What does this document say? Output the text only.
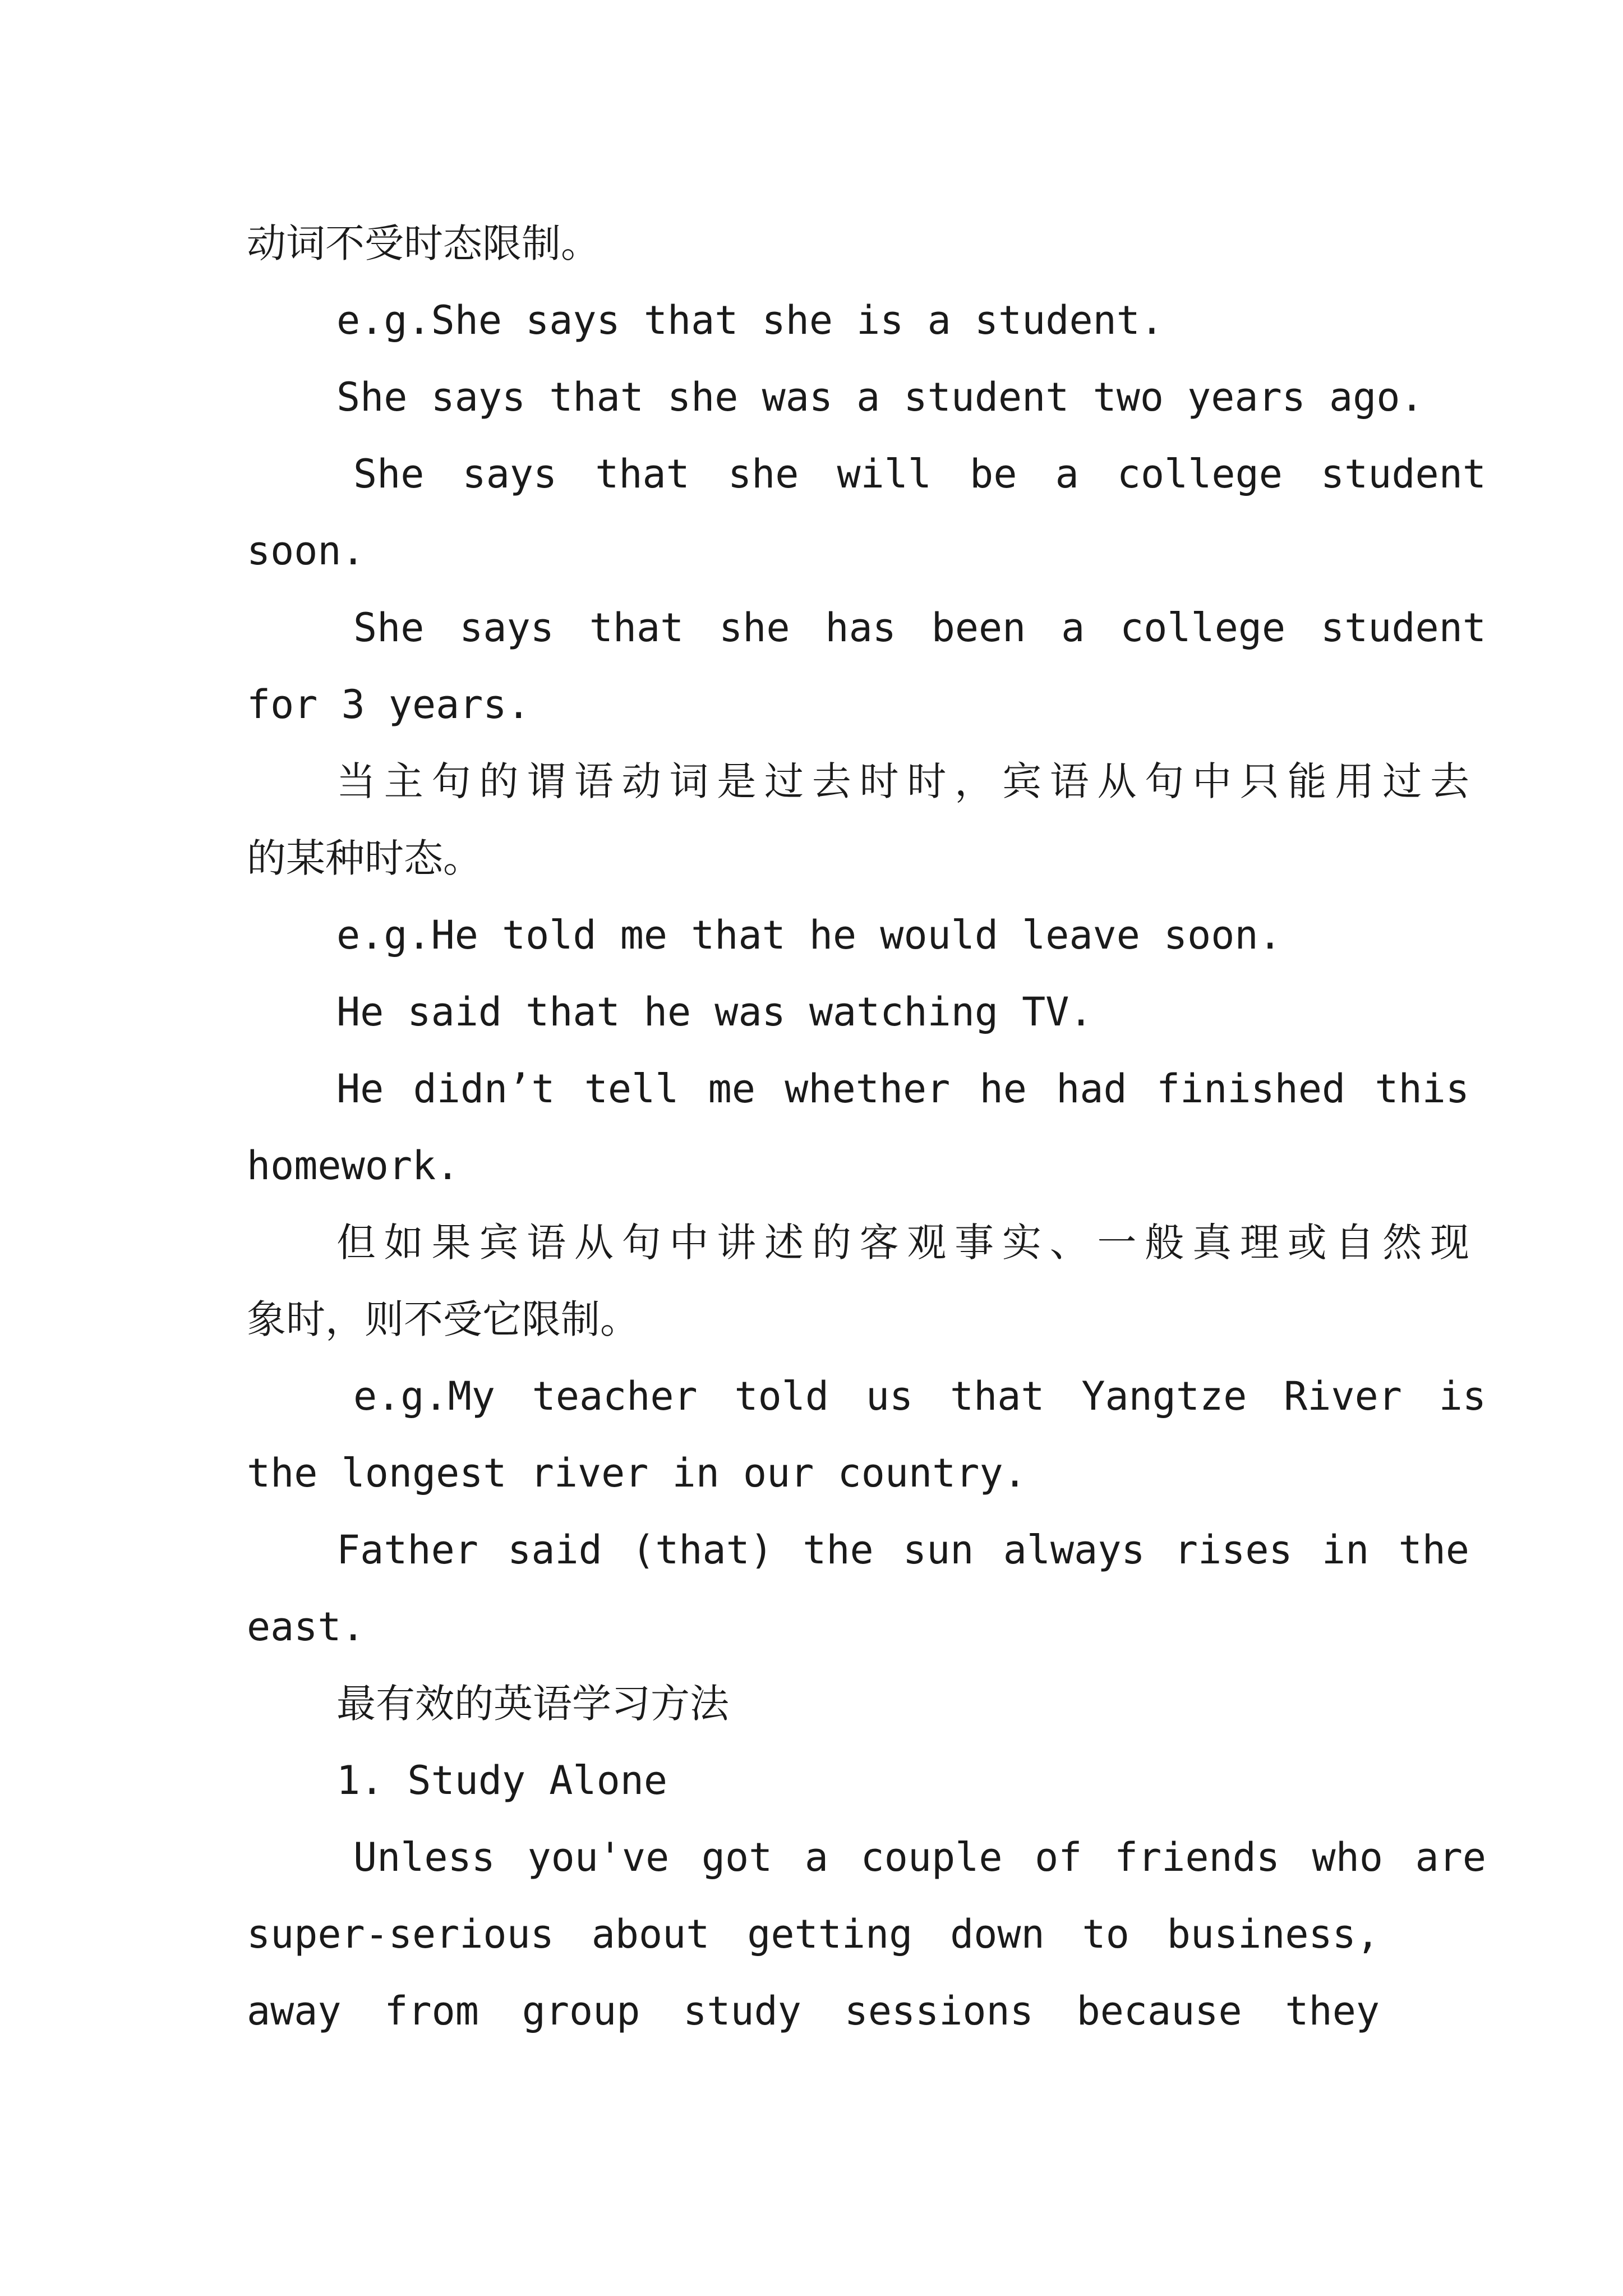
动词不受时态限制。
e.g.She says that she is a student.
She says that she was a student two years ago.
She says that she will be a college student
soon.
She says that she has been a college student
for 3 years.
当主句的谓语动词是过去时时，宾语从句中只能用过去
的某种时态。
e.g.He told me that he would leave soon.
He said that he was watching TV.
He didn’t tell me whether he had finished this
homework.
但如果宾语从句中讲述的客观事实、一般真理或自然现
象时，则不受它限制。
e.g.My teacher told us that Yangtze River is
the longest river in our country.
Father said (that) the sun always rises in the
east.
最有效的英语学习方法
1. Study Alone
Unless you've got a couple of friends who are
super-serious about getting down to business,
away from group study sessions because they
